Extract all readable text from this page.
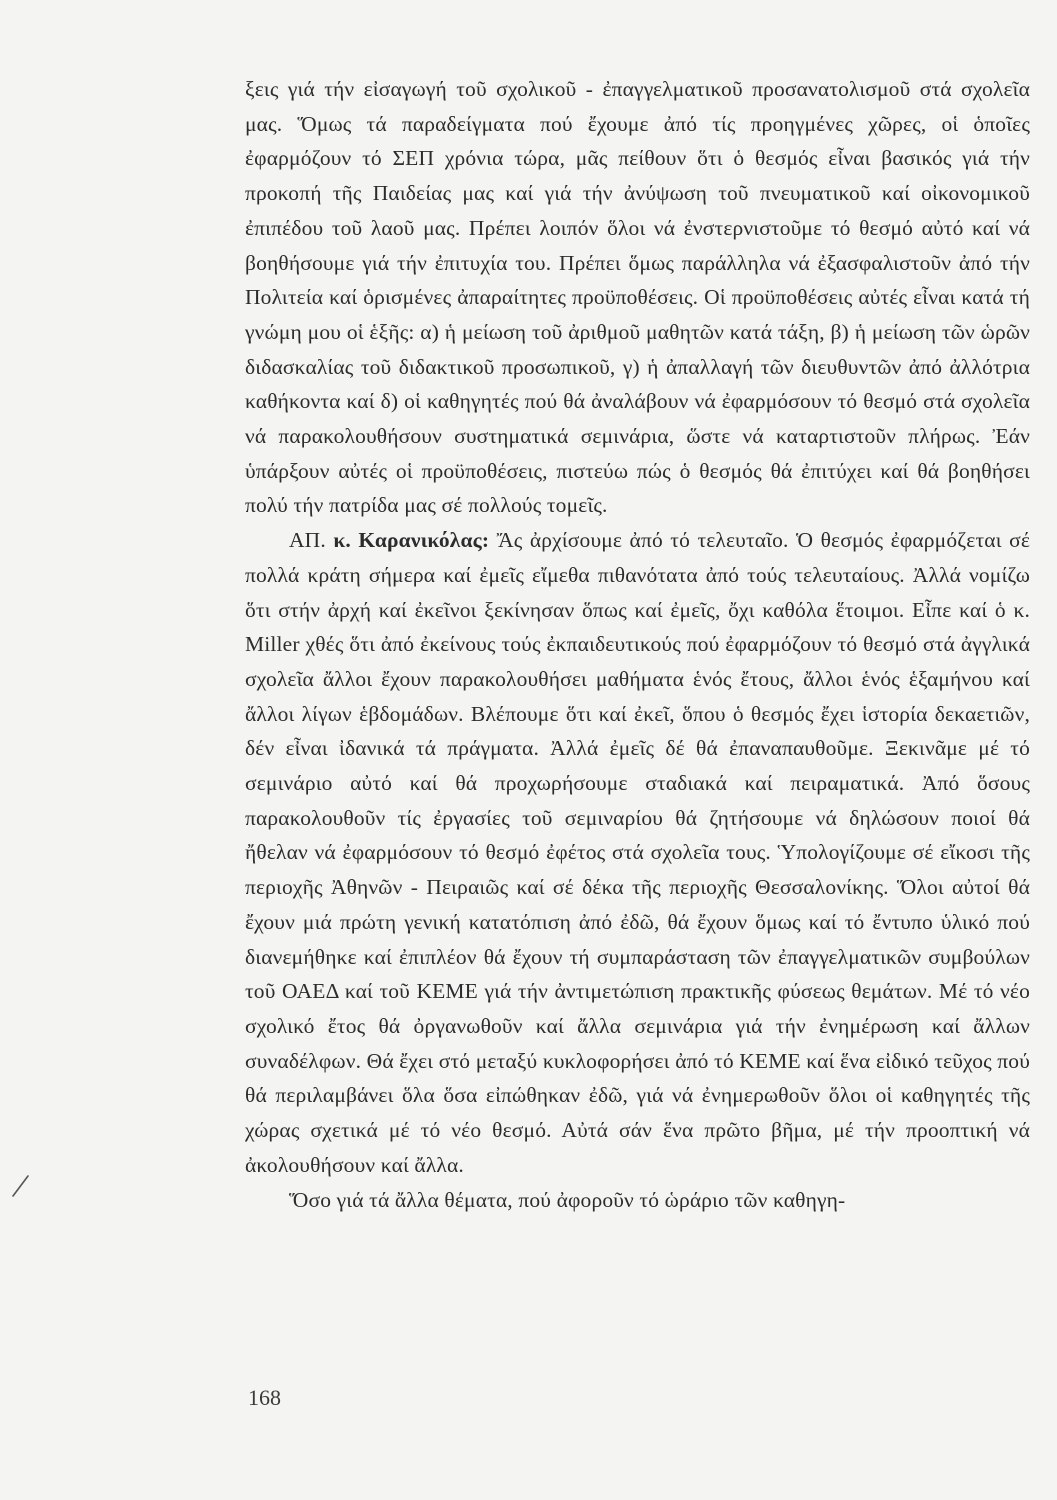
ξεις γιά τήν εἰσαγωγή τοῦ σχολικοῦ - ἐπαγγελματικοῦ προσανατολισμοῦ στά σχολεῖα μας. Ὅμως τά παραδείγματα πού ἔχουμε ἀπό τίς προηγμένες χῶρες, οἱ ὁποῖες ἐφαρμόζουν τό ΣΕΠ χρόνια τώρα, μᾶς πείθουν ὅτι ὁ θεσμός εἶναι βασικός γιά τήν προκοπή τῆς Παιδείας μας καί γιά τήν ἀνύψωση τοῦ πνευματικοῦ καί οἰκονομικοῦ ἐπιπέδου τοῦ λαοῦ μας. Πρέπει λοιπόν ὅλοι νά ἐνστερνιστοῦμε τό θεσμό αὐτό καί νά βοηθήσουμε γιά τήν ἐπιτυχία του. Πρέπει ὅμως παράλληλα νά ἐξασφαλιστοῦν ἀπό τήν Πολιτεία καί ὁρισμένες ἀπαραίτητες προϋποθέσεις. Οἱ προϋποθέσεις αὐτές εἶναι κατά τή γνώμη μου οἱ ἑξῆς: α) ἡ μείωση τοῦ ἀριθμοῦ μαθητῶν κατά τάξη, β) ἡ μείωση τῶν ὡρῶν διδασκαλίας τοῦ διδακτικοῦ προσωπικοῦ, γ) ἡ ἀπαλλαγή τῶν διευθυντῶν ἀπό ἀλλότρια καθήκοντα καί δ) οἱ καθηγητές πού θά ἀναλάβουν νά ἐφαρμόσουν τό θεσμό στά σχολεῖα νά παρακολουθήσουν συστηματικά σεμινάρια, ὥστε νά καταρτιστοῦν πλήρως. Ἐάν ὑπάρξουν αὐτές οἱ προϋποθέσεις, πιστεύω πώς ὁ θεσμός θά ἐπιτύχει καί θά βοηθήσει πολύ τήν πατρίδα μας σέ πολλούς τομεῖς.

ΑΠ. κ. Καρανικόλας: Ἄς ἀρχίσουμε ἀπό τό τελευταῖο. Ὁ θεσμός ἐφαρμόζεται σέ πολλά κράτη σήμερα καί ἐμεῖς εἴμεθα πιθανότατα ἀπό τούς τελευταίους. Ἀλλά νομίζω ὅτι στήν ἀρχή καί ἐκεῖνοι ξεκίνησαν ὅπως καί ἐμεῖς, ὄχι καθόλα ἕτοιμοι. Εἶπε καί ὁ κ. Miller χθές ὅτι ἀπό ἐκείνους τούς ἐκπαιδευτικούς πού ἐφαρμόζουν τό θεσμό στά ἀγγλικά σχολεῖα ἄλλοι ἔχουν παρακολουθήσει μαθήματα ἑνός ἔτους, ἄλλοι ἑνός ἑξαμήνου καί ἄλλοι λίγων ἑβδομάδων. Βλέπουμε ὅτι καί ἐκεῖ, ὅπου ὁ θεσμός ἔχει ἱστορία δεκαετιῶν, δέν εἶναι ἰδανικά τά πράγματα. Ἀλλά ἐμεῖς δέ θά ἐπαναπαυθοῦμε. Ξεκινᾶμε μέ τό σεμινάριο αὐτό καί θά προχωρήσουμε σταδιακά καί πειραματικά. Ἀπό ὅσους παρακολουθοῦν τίς ἐργασίες τοῦ σεμιναρίου θά ζητήσουμε νά δηλώσουν ποιοί θά ἤθελαν νά ἐφαρμόσουν τό θεσμό ἐφέτος στά σχολεῖα τους. Ὑπολογίζουμε σέ εἴκοσι τῆς περιοχῆς Ἀθηνῶν - Πειραιῶς καί σέ δέκα τῆς περιοχῆς Θεσσαλονίκης. Ὅλοι αὐτοί θά ἔχουν μιά πρώτη γενική κατατόπιση ἀπό ἐδῶ, θά ἔχουν ὅμως καί τό ἔντυπο ὑλικό πού διανεμήθηκε καί ἐπιπλέον θά ἔχουν τή συμπαράσταση τῶν ἐπαγγελματικῶν συμβούλων τοῦ ΟΑΕΔ καί τοῦ ΚΕΜΕ γιά τήν ἀντιμετώπιση πρακτικῆς φύσεως θεμάτων. Μέ τό νέο σχολικό ἔτος θά ὀργανωθοῦν καί ἄλλα σεμινάρια γιά τήν ἐνημέρωση καί ἄλλων συναδέλφων. Θά ἔχει στό μεταξύ κυκλοφορήσει ἀπό τό ΚΕΜΕ καί ἕνα εἰδικό τεῦχος πού θά περιλαμβάνει ὅλα ὅσα εἰπώθηκαν ἐδῶ, γιά νά ἐνημερωθοῦν ὅλοι οἱ καθηγητές τῆς χώρας σχετικά μέ τό νέο θεσμό. Αὐτά σάν ἕνα πρῶτο βῆμα, μέ τήν προοπτική νά ἀκολουθήσουν καί ἄλλα.

Ὅσο γιά τά ἄλλα θέματα, πού ἀφοροῦν τό ὡράριο τῶν καθηγη-

168
